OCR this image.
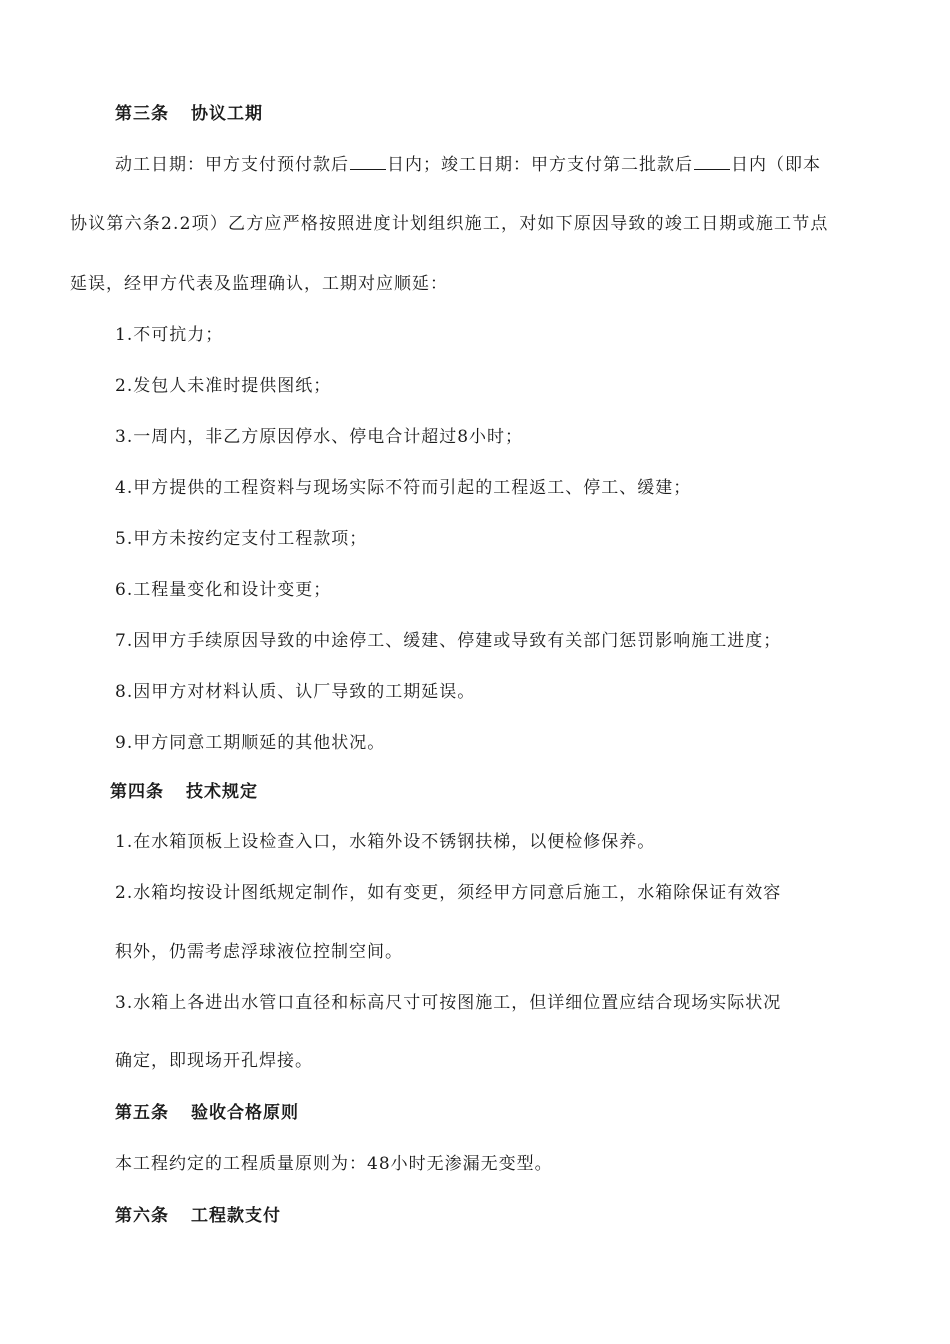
第三条 协议工期
动工日期：甲方支付预付款后 日内；竣工日期：甲方支付第二批款后 日内（即本
协议第六条2.2项）乙方应严格按照进度计划组织施工，对如下原因导致的竣工日期或施工节点
延误，经甲方代表及监理确认，工期对应顺延：
1.不可抗力；
2.发包人未准时提供图纸；
3.一周内，非乙方原因停水、停电合计超过8小时；
4.甲方提供的工程资料与现场实际不符而引起的工程返工、停工、缓建；
5.甲方未按约定支付工程款项；
6.工程量变化和设计变更；
7.因甲方手续原因导致的中途停工、缓建、停建或导致有关部门惩罚影响施工进度；
8.因甲方对材料认质、认厂导致的工期延误。
9.甲方同意工期顺延的其他状况。
第四条 技术规定
1.在水箱顶板上设检查入口，水箱外设不锈钢扶梯，以便检修保养。
2.水箱均按设计图纸规定制作，如有变更，须经甲方同意后施工，水箱除保证有效容
积外，仍需考虑浮球液位控制空间。
3.水箱上各进出水管口直径和标高尺寸可按图施工，但详细位置应结合现场实际状况
确定，即现场开孔焊接。
第五条 验收合格原则
本工程约定的工程质量原则为：48小时无渗漏无变型。
第六条 工程款支付
